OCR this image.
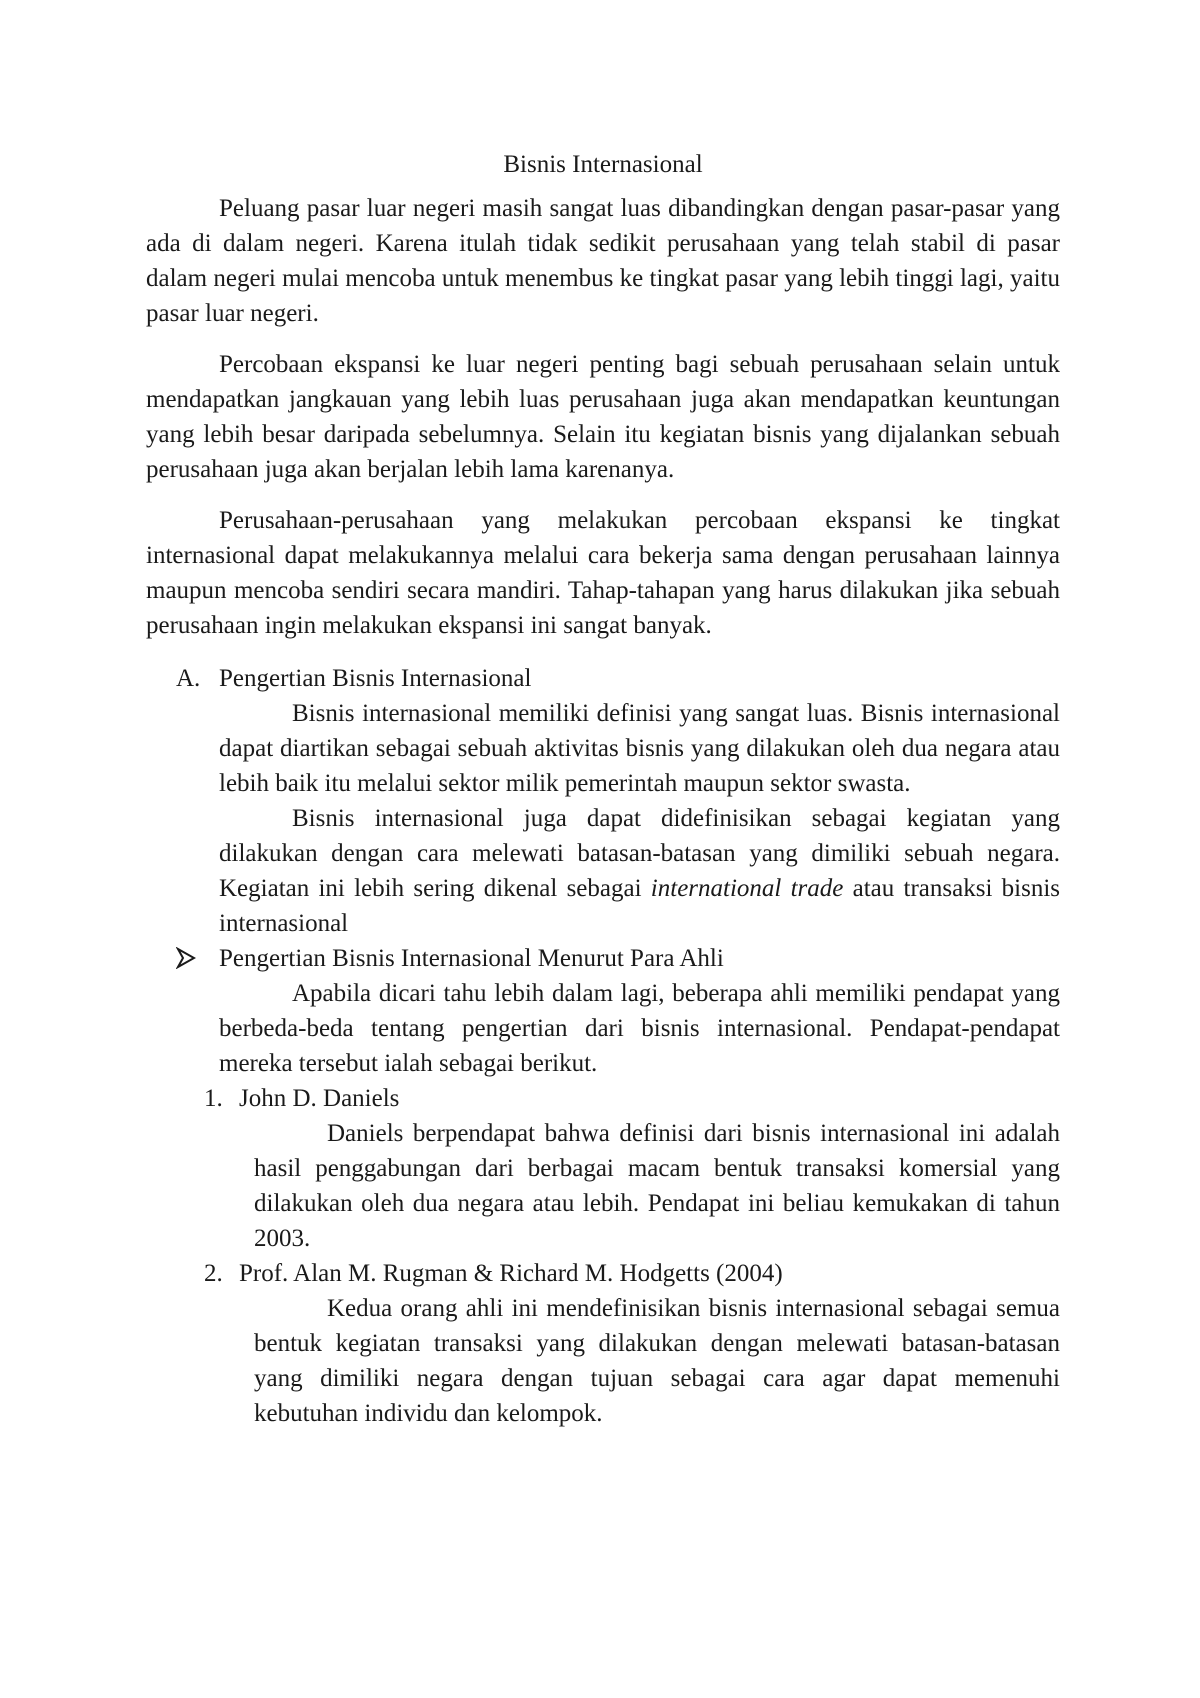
Bisnis Internasional

Peluang pasar luar negeri masih sangat luas dibandingkan dengan pasar-pasar yang ada di dalam negeri. Karena itulah tidak sedikit perusahaan yang telah stabil di pasar dalam negeri mulai mencoba untuk menembus ke tingkat pasar yang lebih tinggi lagi, yaitu pasar luar negeri.

Percobaan ekspansi ke luar negeri penting bagi sebuah perusahaan selain untuk mendapatkan jangkauan yang lebih luas perusahaan juga akan mendapatkan keuntungan yang lebih besar daripada sebelumnya. Selain itu kegiatan bisnis yang dijalankan sebuah perusahaan juga akan berjalan lebih lama karenanya.

Perusahaan-perusahaan yang melakukan percobaan ekspansi ke tingkat internasional dapat melakukannya melalui cara bekerja sama dengan perusahaan lainnya maupun mencoba sendiri secara mandiri. Tahap-tahapan yang harus dilakukan jika sebuah perusahaan ingin melakukan ekspansi ini sangat banyak.

A. Pengertian Bisnis Internasional

Bisnis internasional memiliki definisi yang sangat luas. Bisnis internasional dapat diartikan sebagai sebuah aktivitas bisnis yang dilakukan oleh dua negara atau lebih baik itu melalui sektor milik pemerintah maupun sektor swasta.

Bisnis internasional juga dapat didefinisikan sebagai kegiatan yang dilakukan dengan cara melewati batasan-batasan yang dimiliki sebuah negara. Kegiatan ini lebih sering dikenal sebagai international trade atau transaksi bisnis internasional

Pengertian Bisnis Internasional Menurut Para Ahli

Apabila dicari tahu lebih dalam lagi, beberapa ahli memiliki pendapat yang berbeda-beda tentang pengertian dari bisnis internasional. Pendapat-pendapat mereka tersebut ialah sebagai berikut.

1. John D. Daniels

Daniels berpendapat bahwa definisi dari bisnis internasional ini adalah hasil penggabungan dari berbagai macam bentuk transaksi komersial yang dilakukan oleh dua negara atau lebih. Pendapat ini beliau kemukakan di tahun 2003.

2. Prof. Alan M. Rugman & Richard M. Hodgetts (2004)

Kedua orang ahli ini mendefinisikan bisnis internasional sebagai semua bentuk kegiatan transaksi yang dilakukan dengan melewati batasan-batasan yang dimiliki negara dengan tujuan sebagai cara agar dapat memenuhi kebutuhan individu dan kelompok.
